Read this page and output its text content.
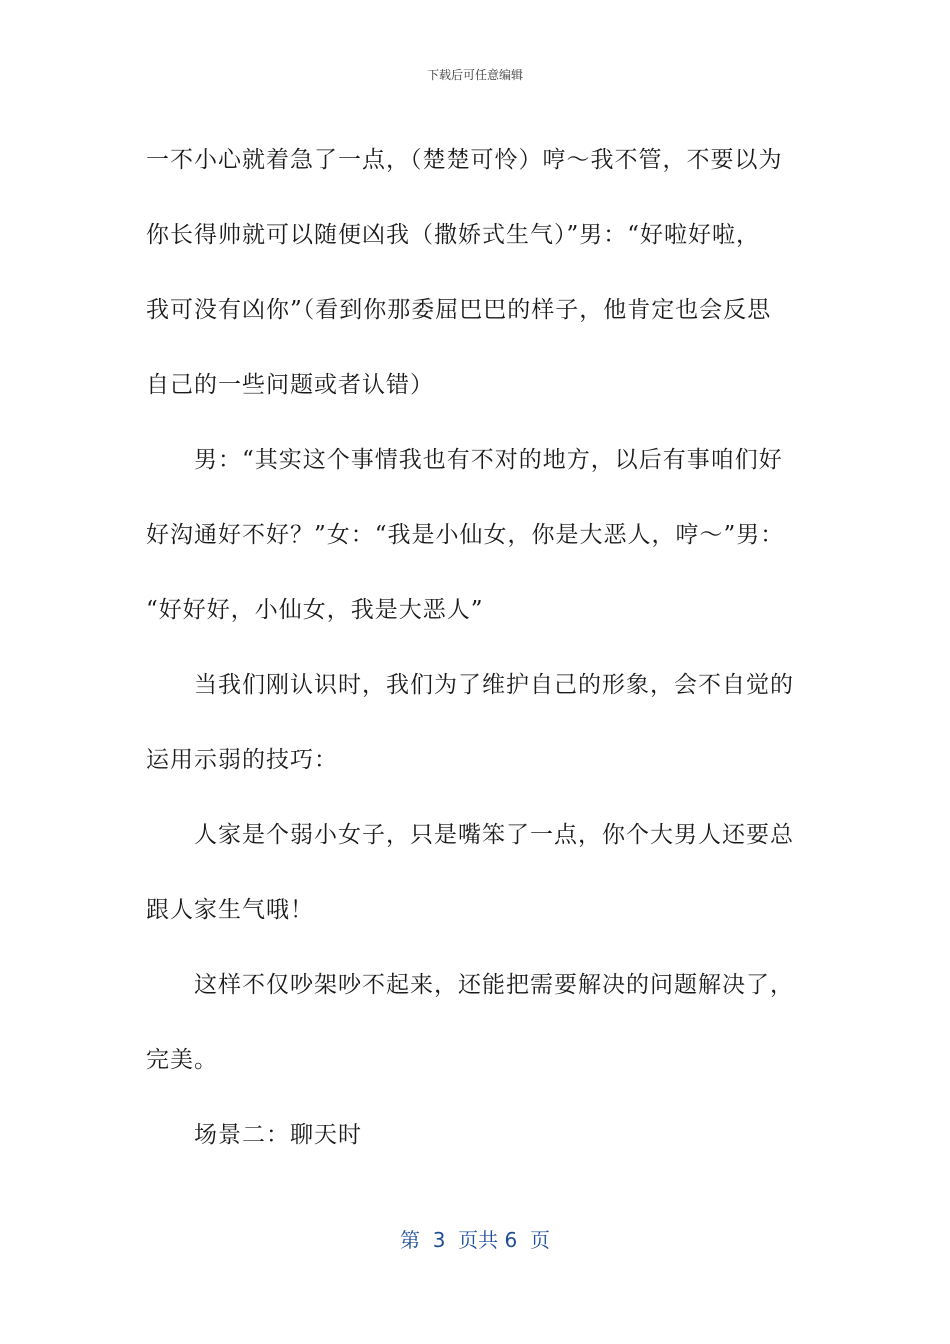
下载后可任意编辑

一不小心就着急了一点，（楚楚可怜）哼～我不管，不要以为
你长得帅就可以随便凶我（撒娇式生气）”男：“好啦好啦，
我可没有凶你”（看到你那委屈巴巴的样子，他肯定也会反思
自己的一些问题或者认错）

男：“其实这个事情我也有不对的地方，以后有事咱们好
好沟通好不好？”女：“我是小仙女，你是大恶人，哼～”男：
“好好好，小仙女，我是大恶人”

当我们刚认识时，我们为了维护自己的形象，会不自觉的
运用示弱的技巧：

人家是个弱小女子，只是嘴笨了一点，你个大男人还要总
跟人家生气哦！

这样不仅吵架吵不起来，还能把需要解决的问题解决了，
完美。

场景二：聊天时

第  3  页共 6  页
